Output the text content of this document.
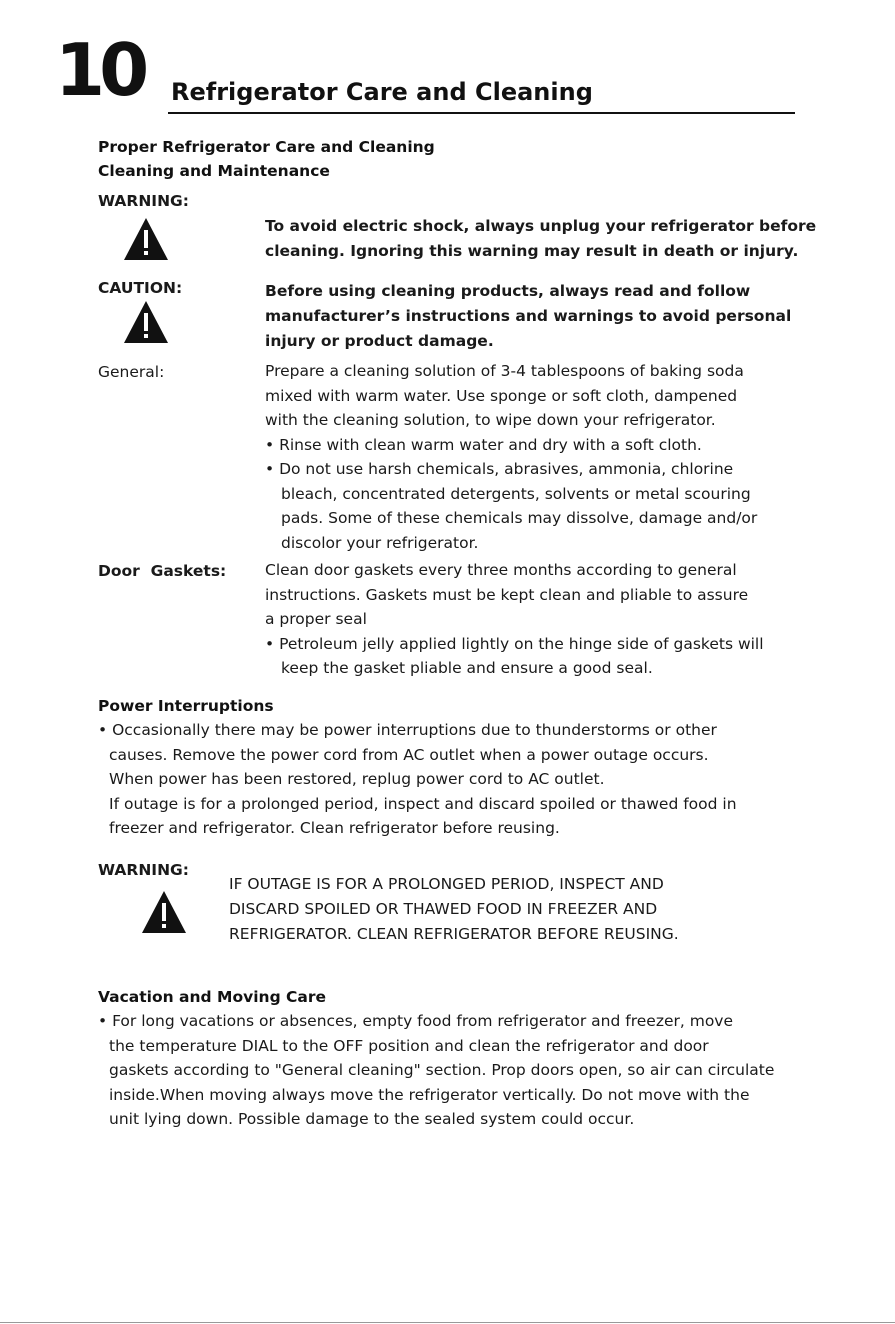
10 Refrigerator Care and Cleaning
Proper Refrigerator Care and Cleaning
Cleaning and Maintenance
WARNING:
To avoid electric shock, always unplug your refrigerator before
cleaning. Ignoring this warning may result in death or injury.
CAUTION:	Before using cleaning products, always read and follow
manufacturer’s instructions and warnings to avoid personal
injury or product damage.
General:	Prepare a cleaning solution of 3-4 tablespoons of baking soda
mixed with warm water. Use sponge or soft cloth, dampened
with the cleaning solution, to wipe down your refrigerator.
• Rinse with clean warm water and dry with a soft cloth.
• Do not use harsh chemicals, abrasives, ammonia, chlorine
bleach, concentrated detergents, solvents or metal scouring
pads. Some of these chemicals may dissolve, damage and/or
discolor your refrigerator.
Door  Gaskets:	Clean door gaskets every three months according to general
instructions. Gaskets must be kept clean and pliable to assure
a proper seal
• Petroleum jelly applied lightly on the hinge side of gaskets will
keep the gasket pliable and ensure a good seal.
Power Interruptions
• Occasionally there may be power interruptions due to thunderstorms or other
causes. Remove the power cord from AC outlet when a power outage occurs.
When power has been restored, replug power cord to AC outlet.
If outage is for a prolonged period, inspect and discard spoiled or thawed food in
freezer and refrigerator. Clean refrigerator before reusing.
WARNING:
IF OUTAGE IS FOR A PROLONGED PERIOD, INSPECT AND
DISCARD SPOILED OR THAWED FOOD IN FREEZER AND
REFRIGERATOR. CLEAN REFRIGERATOR BEFORE REUSING.
Vacation and Moving Care
• For long vacations or absences, empty food from refrigerator and freezer, move
the temperature DIAL to the OFF position and clean the refrigerator and door
gaskets according to "General cleaning" section. Prop doors open, so air can circulate
inside.When moving always move the refrigerator vertically. Do not move with the
unit lying down. Possible damage to the sealed system could occur.
